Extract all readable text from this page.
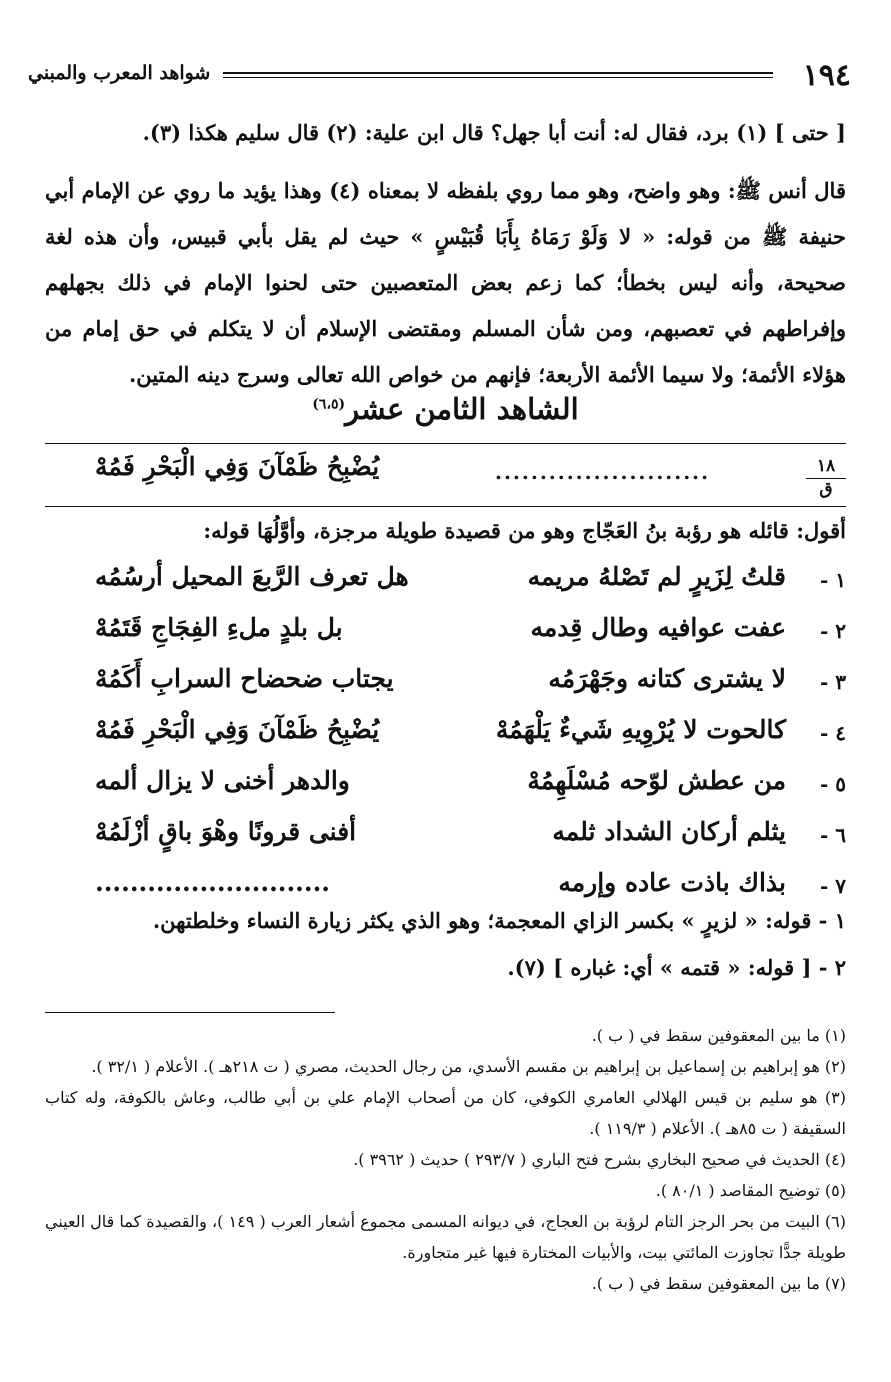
١٩٤
شواهد المعرب والمبني
[ حتى ] (١) برد، فقال له: أنت أبا جهل؟ قال ابن علية: (٢) قال سليم هكذا (٣).
قال أنس ﷺ: وهو واضح، وهو مما روي بلفظه لا بمعناه (٤) وهذا يؤيد ما روي عن الإمام أبي حنيفة ﷺ من قوله: « لا وَلَوْ رَمَاهُ بِأَبَا قُبَيْسٍ » حيث لم يقل بأبي قبيس، وأن هذه لغة صحيحة، وأنه ليس بخطأ؛ كما زعم بعض المتعصبين حتى لحنوا الإمام في ذلك بجهلهم وإفراطهم في تعصبهم، ومن شأن المسلم ومقتضى الإسلام أن لا يتكلم في حق إمام من هؤلاء الأئمة؛ ولا سيما الأئمة الأربعة؛ فإنهم من خواص الله تعالى وسرج دينه المتين.
الشاهد الثامن عشر$^{(٦،٥)}$
١٨
ق
........................
يُضْبِحُ ظَمْآنَ وَفِي الْبَحْرِ فَمُهْ
أقول: قائله هو رؤبة بنُ العَجّاج وهو من قصيدة طويلة مرجزة، وأوَّلُهَا قوله:
١ -
قلتُ لِزَيرٍ لم تَصْلهُ مريمه
هل تعرف الرَّبعَ المحيل أرسُمُه
٢ -
عفت عوافيه وطال قِدمه
بل بلدٍ ملءِ الفِجَاجِ قَتَمُهْ
٣ -
لا يشترى كتانه وجَهْرَمُه
يجتاب ضحضاح السرابِ أَكَمُهْ
٤ -
كالحوت لا يُرْوِيهِ شَيءٌ يَلْهَمُهْ
يُضْبِحُ ظَمْآنَ وَفِي الْبَحْرِ فَمُهْ
٥ -
من عطش لوّحه مُسْلَهِمُهْ
والدهر أخنى لا يزال ألمه
٦ -
يثلم أركان الشداد ثلمه
أفنى قرونًا وهْوَ باقٍ أزْلَمُهْ
٧ -
بذاك باذت عاده وإرمه
...........................
١ - قوله: « لزيرٍ » بكسر الزاي المعجمة؛ وهو الذي يكثر زيارة النساء وخلطتهن.
٢ - [ قوله: « قتمه » أي: غباره ] (٧).
(١) ما بين المعقوفين سقط في ( ب ).
(٢) هو إبراهيم بن إسماعيل بن إبراهيم بن مقسم الأسدي، من رجال الحديث، مصري ( ت ٢١٨هـ ). الأعلام ( ٣٢/١ ).
(٣) هو سليم بن قيس الهلالي العامري الكوفي، كان من أصحاب الإمام علي بن أبي طالب، وعاش بالكوفة، وله كتاب السقيفة ( ت ٨٥هـ ). الأعلام ( ١١٩/٣ ).
(٤) الحديث في صحيح البخاري بشرح فتح الباري ( ٢٩٣/٧ ) حديث ( ٣٩٦٢ ).
(٥) توضيح المقاصد ( ٨٠/١ ).
(٦) البيت من بحر الرجز التام لرؤبة بن العجاج، في ديوانه المسمى مجموع أشعار العرب ( ١٤٩ )، والقصيدة كما قال العيني طويلة جدًّا تجاوزت المائتي بيت، والأبيات المختارة فيها غير متجاورة.
(٧) ما بين المعقوفين سقط في ( ب ).
